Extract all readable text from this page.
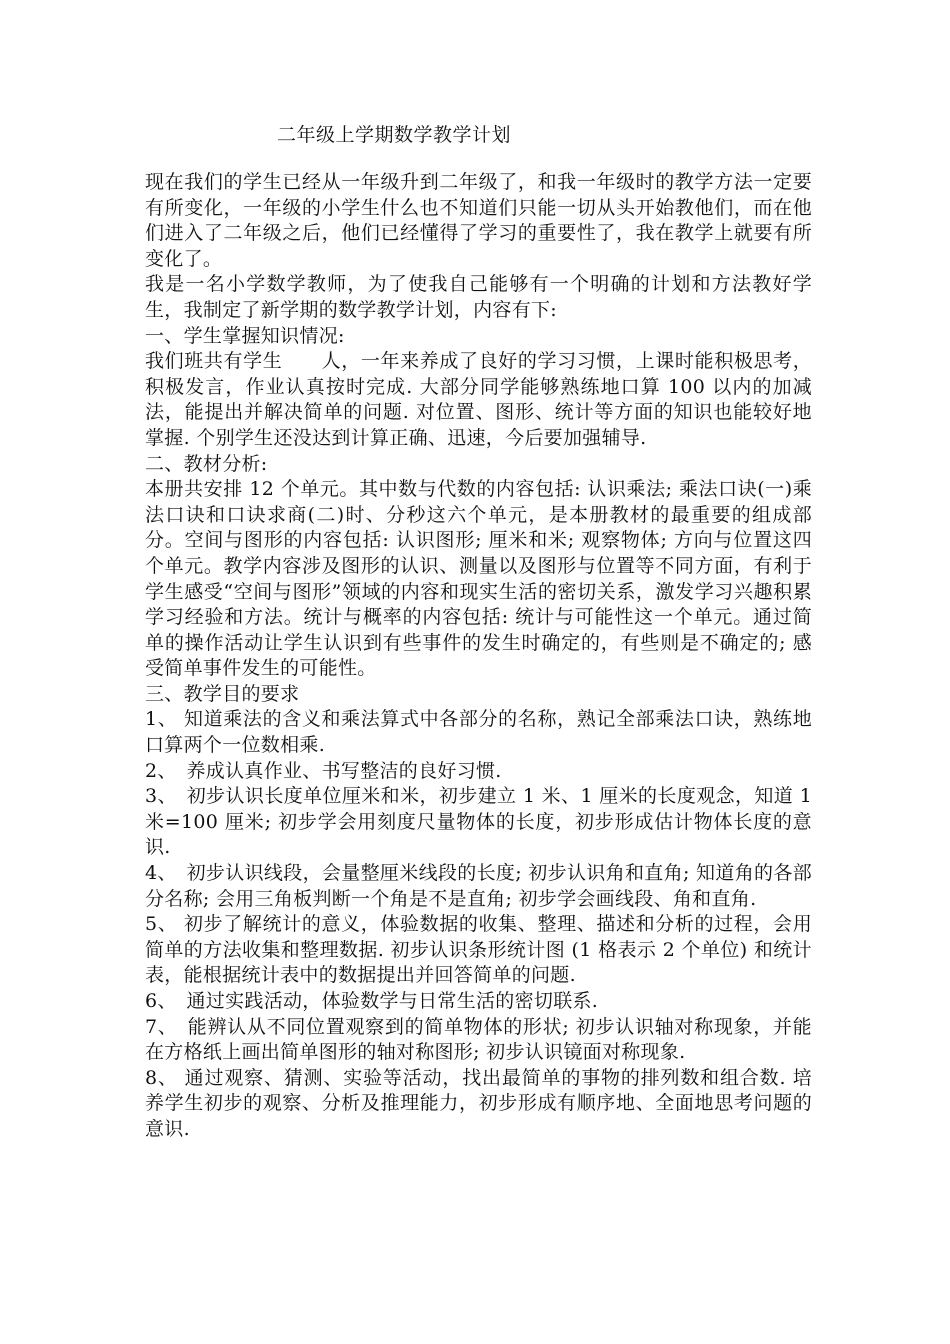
二年级上学期数学教学计划

现在我们的学生已经从一年级升到二年级了，和我一年级时的教学方法一定要有所变化，一年级的小学生什么也不知道们只能一切从头开始教他们，而在他们进入了二年级之后，他们已经懂得了学习的重要性了，我在教学上就要有所变化了。

我是一名小学数学教师，为了使我自己能够有一个明确的计划和方法教好学生，我制定了新学期的数学教学计划，内容有下:

一、学生掌握知识情况:

我们班共有学生　　人，一年来养成了良好的学习习惯，上课时能积极思考，积极发言，作业认真按时完成. 大部分同学能够熟练地口算 100 以内的加减法，能提出并解决简单的问题. 对位置、图形、统计等方面的知识也能较好地掌握. 个别学生还没达到计算正确、迅速，今后要加强辅导.

二、教材分析:

本册共安排 12 个单元。其中数与代数的内容包括: 认识乘法; 乘法口诀(一)乘法口诀和口诀求商(二)时、分秒这六个单元，是本册教材的最重要的组成部分。空间与图形的内容包括: 认识图形; 厘米和米; 观察物体; 方向与位置这四个单元。教学内容涉及图形的认识、测量以及图形与位置等不同方面，有利于学生感受“空间与图形”领域的内容和现实生活的密切关系，激发学习兴趣积累学习经验和方法。统计与概率的内容包括: 统计与可能性这一个单元。通过简单的操作活动让学生认识到有些事件的发生时确定的，有些则是不确定的; 感受简单事件发生的可能性。

三、教学目的要求

1、 知道乘法的含义和乘法算式中各部分的名称，熟记全部乘法口诀，熟练地口算两个一位数相乘.

2、　养成认真作业、书写整洁的良好习惯.

3、　初步认识长度单位厘米和米，初步建立 1 米、1 厘米的长度观念，知道 1 米=100 厘米; 初步学会用刻度尺量物体的长度，初步形成估计物体长度的意识.

4、　初步认识线段，会量整厘米线段的长度; 初步认识角和直角; 知道角的各部分名称; 会用三角板判断一个角是不是直角; 初步学会画线段、角和直角.

5、 初步了解统计的意义，体验数据的收集、整理、描述和分析的过程，会用简单的方法收集和整理数据. 初步认识条形统计图 (1 格表示 2 个单位) 和统计表，能根据统计表中的数据提出并回答简单的问题.

6、　通过实践活动，体验数学与日常生活的密切联系.

7、　能辨认从不同位置观察到的简单物体的形状; 初步认识轴对称现象，并能在方格纸上画出简单图形的轴对称图形; 初步认识镜面对称现象.

8、 通过观察、猜测、实验等活动，找出最简单的事物的排列数和组合数. 培养学生初步的观察、分析及推理能力，初步形成有顺序地、全面地思考问题的意识.
